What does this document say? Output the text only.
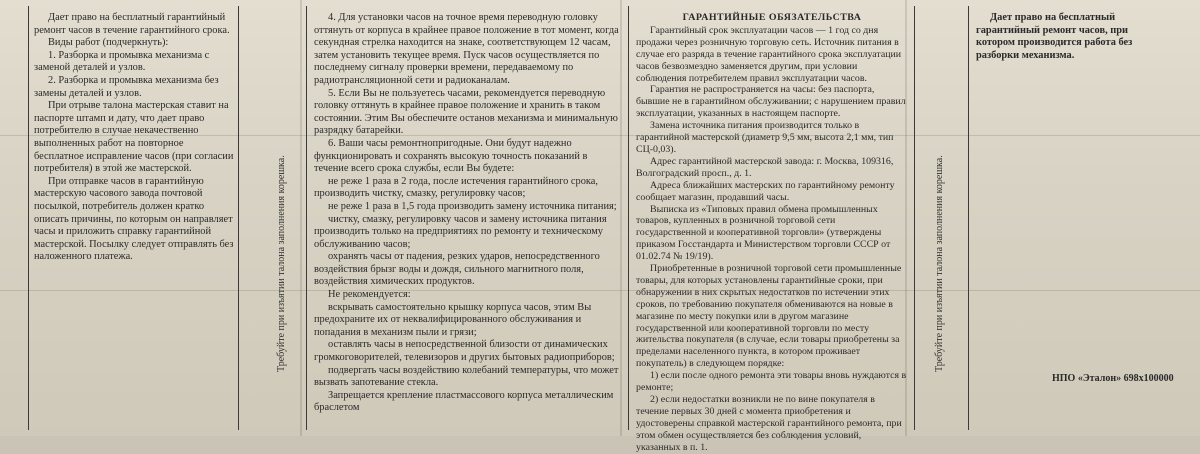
Дает право на бесплатный гарантийный ремонт часов в течение гарантийного срока.

Виды работ (подчеркнуть):

1. Разборка и промывка механизма с заменой деталей и узлов.

2. Разборка и промывка механизма без замены деталей и узлов.

При отрыве талона мастерская ставит на паспорте штамп и дату, что дает право потребителю в случае некачественно выполненных работ на повторное бесплатное исправление часов (при согласии потребителя) в этой же мастерской.

При отправке часов в гарантийную мастерскую часового завода почтовой посылкой, потребитель должен кратко описать причины, по которым он направляет часы и приложить справку гарантийной мастерской. Посылку следует отправлять без наложенного платежа.	Требуйте при изъятии талона заполнения корешка.

4. Для установки часов на точное время переводную головку оттянуть от корпуса в крайнее правое положение в тот момент, когда секундная стрелка находится на знаке, соответствующем 12 часам, затем установить текущее время. Пуск часов осуществляется по последнему сигналу проверки времени, передаваемому по радиотрансляционной сети и радиоканалам.

5. Если Вы не пользуетесь часами, рекомендуется переводную головку оттянуть в крайнее правое положение и хранить в таком состоянии. Этим Вы обеспечите останов механизма и минимальную разрядку батарейки.

6. Ваши часы ремонтнопригодные. Они будут надежно функционировать и сохранять высокую точность показаний в течение всего срока службы, если Вы будете:

не реже 1 раза в 2 года, после истечения гарантийного срока, производить чистку, смазку, регулировку часов;

не реже 1 раза в 1,5 года производить замену источника питания;

чистку, смазку, регулировку часов и замену источника питания производить только на предприятиях по ремонту и техническому обслуживанию часов;

охранять часы от падения, резких ударов, непосредственного воздействия брызг воды и дождя, сильного магнитного поля, воздействия химических продуктов.

Не рекомендуется:

вскрывать самостоятельно крышку корпуса часов, этим Вы предохраните их от неквалифицированного обслуживания и попадания в механизм пыли и грязи;

оставлять часы в непосредственной близости от динамических громкоговорителей, телевизоров и других бытовых радиоприборов;

подвергать часы воздействию колебаний температуры, что может вызвать запотевание стекла.

Запрещается крепление пластмассового корпуса металлическим браслетом

ГАРАНТИЙНЫЕ ОБЯЗАТЕЛЬСТВА

Гарантийный срок эксплуатации часов — 1 год со дня продажи через розничную торговую сеть. Источник питания в случае его разряда в течение гарантийного срока эксплуатации часов безвозмездно заменяется другим, при условии соблюдения потребителем правил эксплуатации часов.

Гарантия не распространяется на часы: без паспорта, бывшие не в гарантийном обслуживании; с нарушением правил эксплуатации, указанных в настоящем паспорте.

Замена источника питания производится только в гарантийной мастерской (диаметр 9,5 мм, высота 2,1 мм, тип СЦ-0,03).

Адрес гарантийной мастерской завода: г. Москва, 109316, Волгоградский просп., д. 1.

Адреса ближайших мастерских по гарантийному ремонту сообщает магазин, продавший часы.

Выписка из «Типовых правил обмена промышленных товаров, купленных в розничной торговой сети государственной и кооперативной торговли» (утверждены приказом Госстандарта и Министерством торговли СССР от 01.02.74 № 19/19).

Приобретенные в розничной торговой сети промышленные товары, для которых установлены гарантийные сроки, при обнаружении в них скрытых недостатков по истечении этих сроков, по требованию покупателя обмениваются на новые в магазине по месту покупки или в другом магазине государственной или кооперативной торговли по месту жительства покупателя (в случае, если товары приобретены за пределами населенного пункта, в котором проживает покупатель) в следующем порядке:

1) если после одного ремонта эти товары вновь нуждаются в ремонте;

2) если недостатки возникли не по вине покупателя в течение первых 30 дней с момента приобретения и удостоверены справкой мастерской гарантийного ремонта, при этом обмен осуществляется без соблюдения условий, указанных в п. 1.

Требуйте при изъятии талона заполнения корешка.

Дает право на бесплатный гарантийный ремонт часов, при котором производится работа без разборки механизма.

НПО «Эталон» 698x100000
